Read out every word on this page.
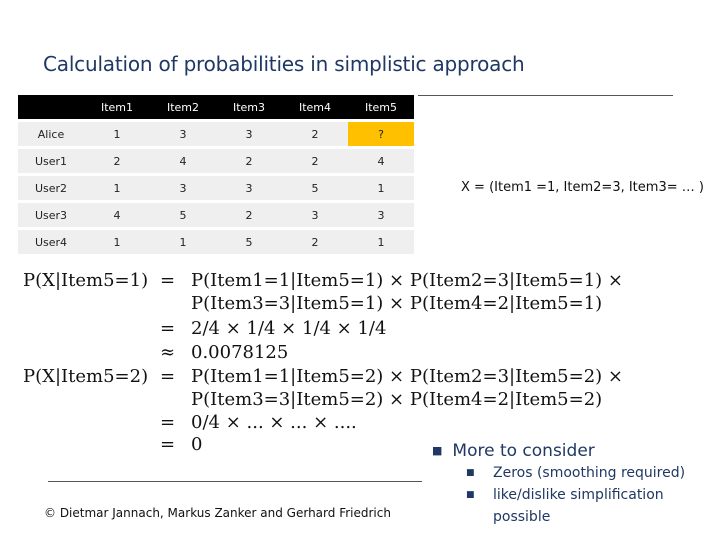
Calculation of probabilities in simplistic approach
	Item1	Item2	Item3	Item4	Item5
Alice	1	3	3	2	?
User1	2	4	2	2	4
User2	1	3	3	5	1
User3	4	5	2	3	3
User4	1	1	5	2	1
X = (Item1 =1, Item2=3, Item3= … )
P(X|Item5=1) = P(Item1=1|Item5=1) × P(Item2=3|Item5=1) ×
P(Item3=3|Item5=1) × P(Item4=2|Item5=1)
= 2/4 × 1/4 × 1/4 × 1/4
≈ 0.0078125
P(X|Item5=2) = P(Item1=1|Item5=2) × P(Item2=3|Item5=2) ×
P(Item3=3|Item5=2) × P(Item4=2|Item5=2)
= 0/4 × ... × ... × ....
= 0
© Dietmar Jannach, Markus Zanker and Gerhard Friedrich
■ More to consider
■ Zeros (smoothing required)
■ like/dislike simplification possible
